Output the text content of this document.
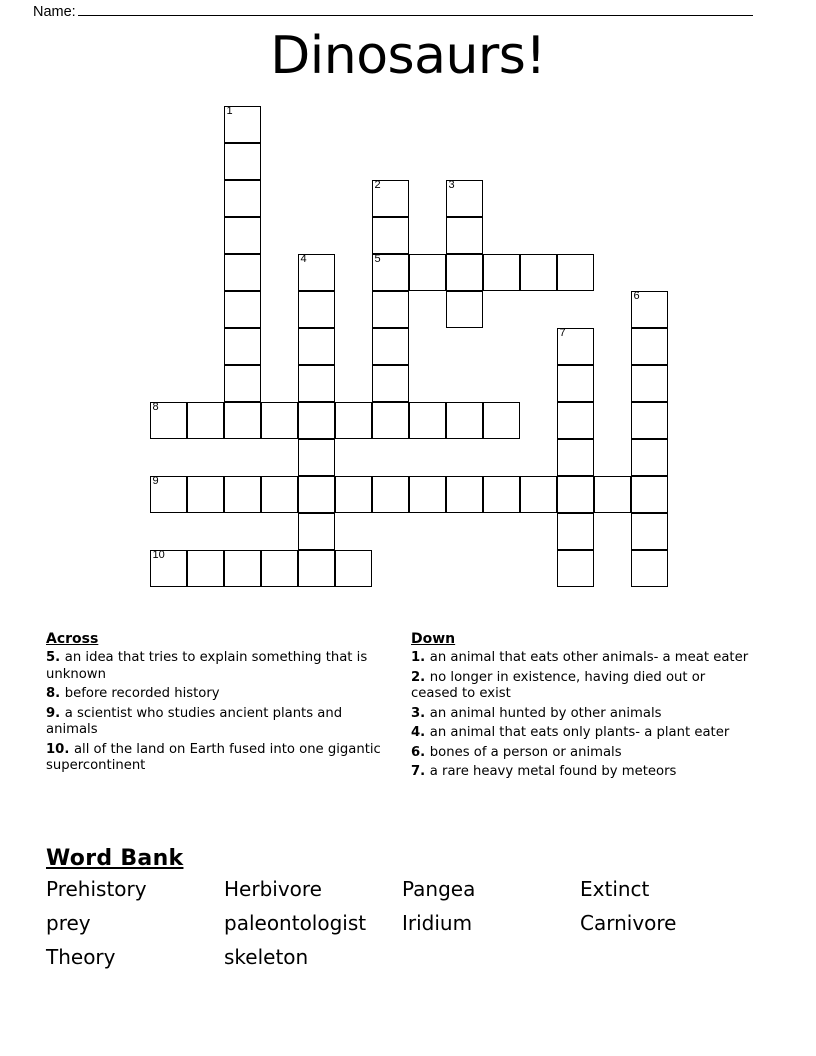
Name:
Dinosaurs!
1
2
5
3
4
6
7
8
9
10
Across
5. an idea that tries to explain something that is unknown
8. before recorded history
9. a scientist who studies ancient plants and animals
10. all of the land on Earth fused into one gigantic supercontinent
Down
1. an animal that eats other animals- a meat eater
2. no longer in existence, having died out or ceased to exist
3. an animal hunted by other animals
4. an animal that eats only plants- a plant eater
6. bones of a person or animals
7. a rare heavy metal found by meteors
Word Bank
Prehistory	Herbivore	Pangea	Extinct
prey	paleontologist	Iridium	Carnivore
Theory	skeleton
